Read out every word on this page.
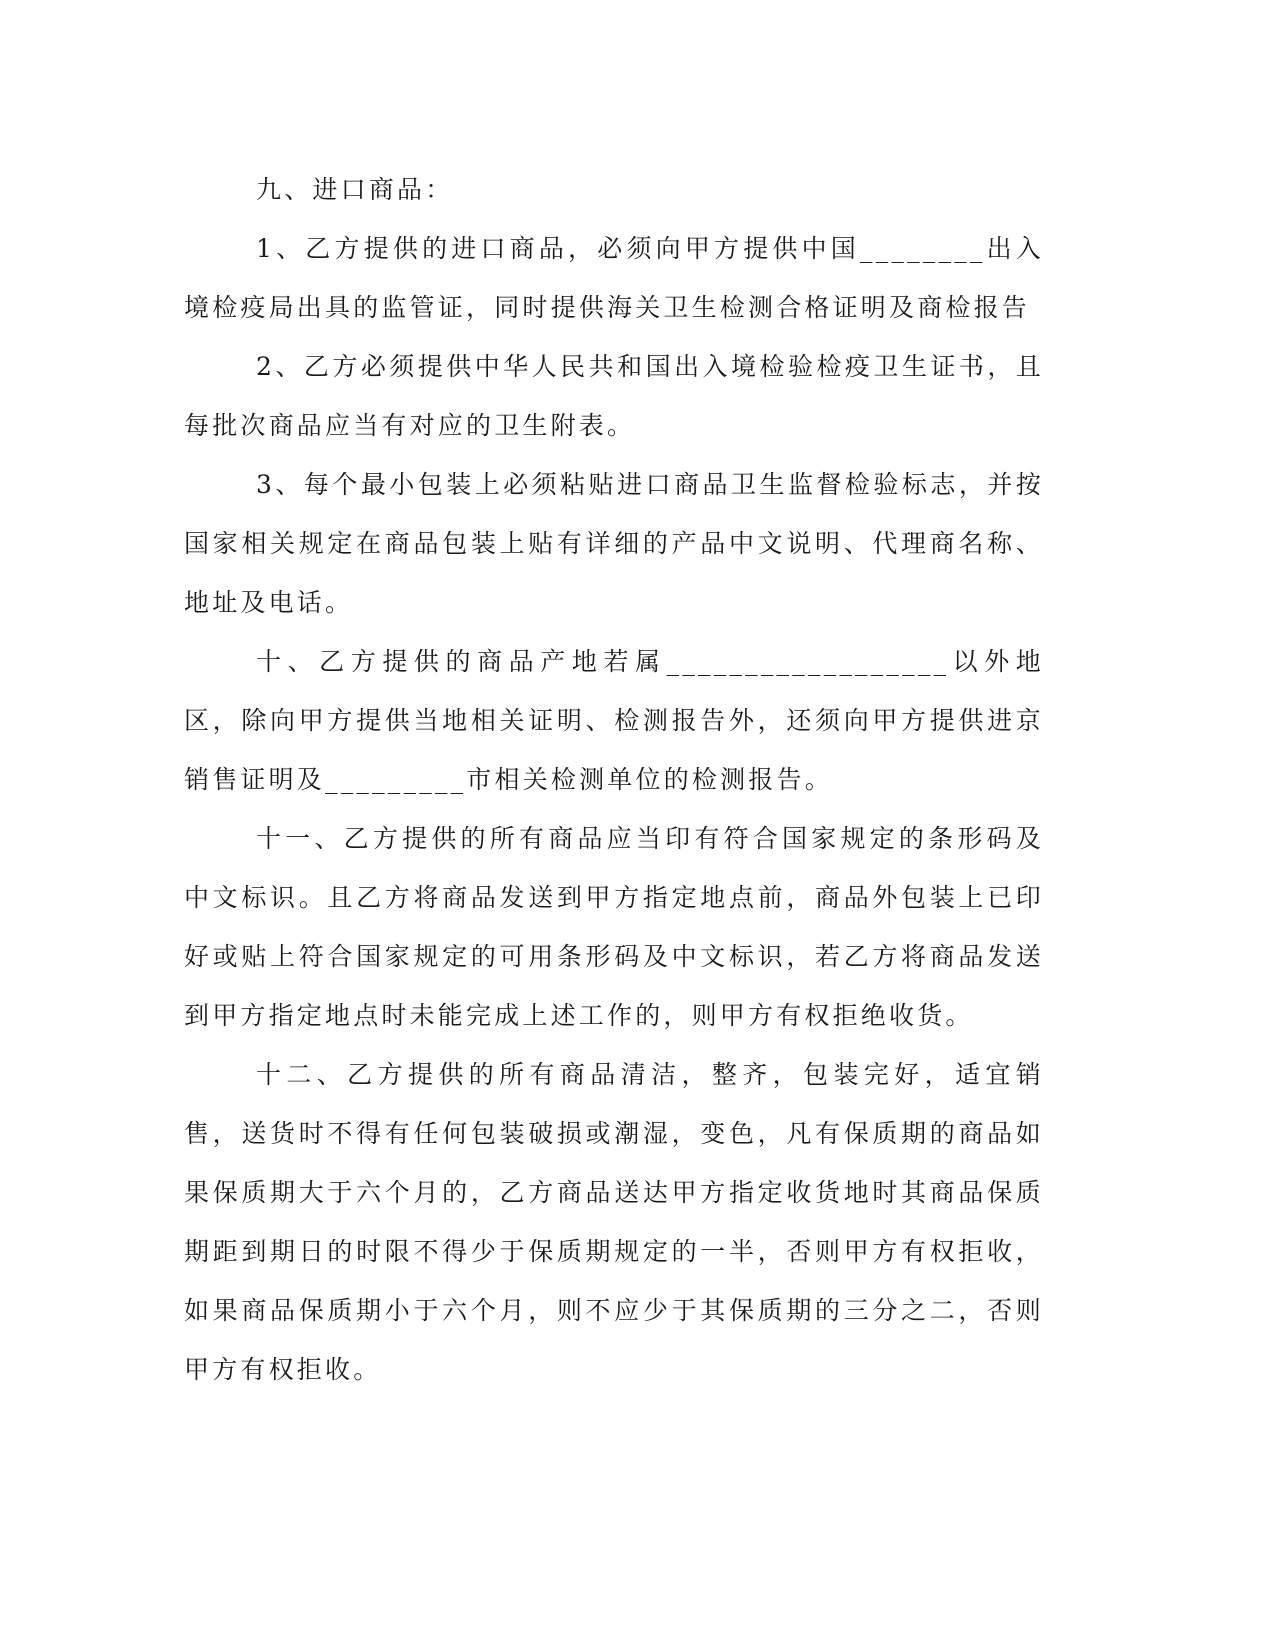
九、进口商品：

1、乙方提供的进口商品，必须向甲方提供中国________出入境检疫局出具的监管证，同时提供海关卫生检测合格证明及商检报告

2、乙方必须提供中华人民共和国出入境检验检疫卫生证书，且每批次商品应当有对应的卫生附表。

3、每个最小包装上必须粘贴进口商品卫生监督检验标志，并按国家相关规定在商品包装上贴有详细的产品中文说明、代理商名称、地址及电话。

十、乙方提供的商品产地若属__________________以外地区，除向甲方提供当地相关证明、检测报告外，还须向甲方提供进京销售证明及_________市相关检测单位的检测报告。

十一、乙方提供的所有商品应当印有符合国家规定的条形码及中文标识。且乙方将商品发送到甲方指定地点前，商品外包装上已印好或贴上符合国家规定的可用条形码及中文标识，若乙方将商品发送到甲方指定地点时未能完成上述工作的，则甲方有权拒绝收货。

十二、乙方提供的所有商品清洁，整齐，包装完好，适宜销售，送货时不得有任何包装破损或潮湿，变色，凡有保质期的商品如果保质期大于六个月的，乙方商品送达甲方指定收货地时其商品保质期距到期日的时限不得少于保质期规定的一半，否则甲方有权拒收，如果商品保质期小于六个月，则不应少于其保质期的三分之二，否则甲方有权拒收。
